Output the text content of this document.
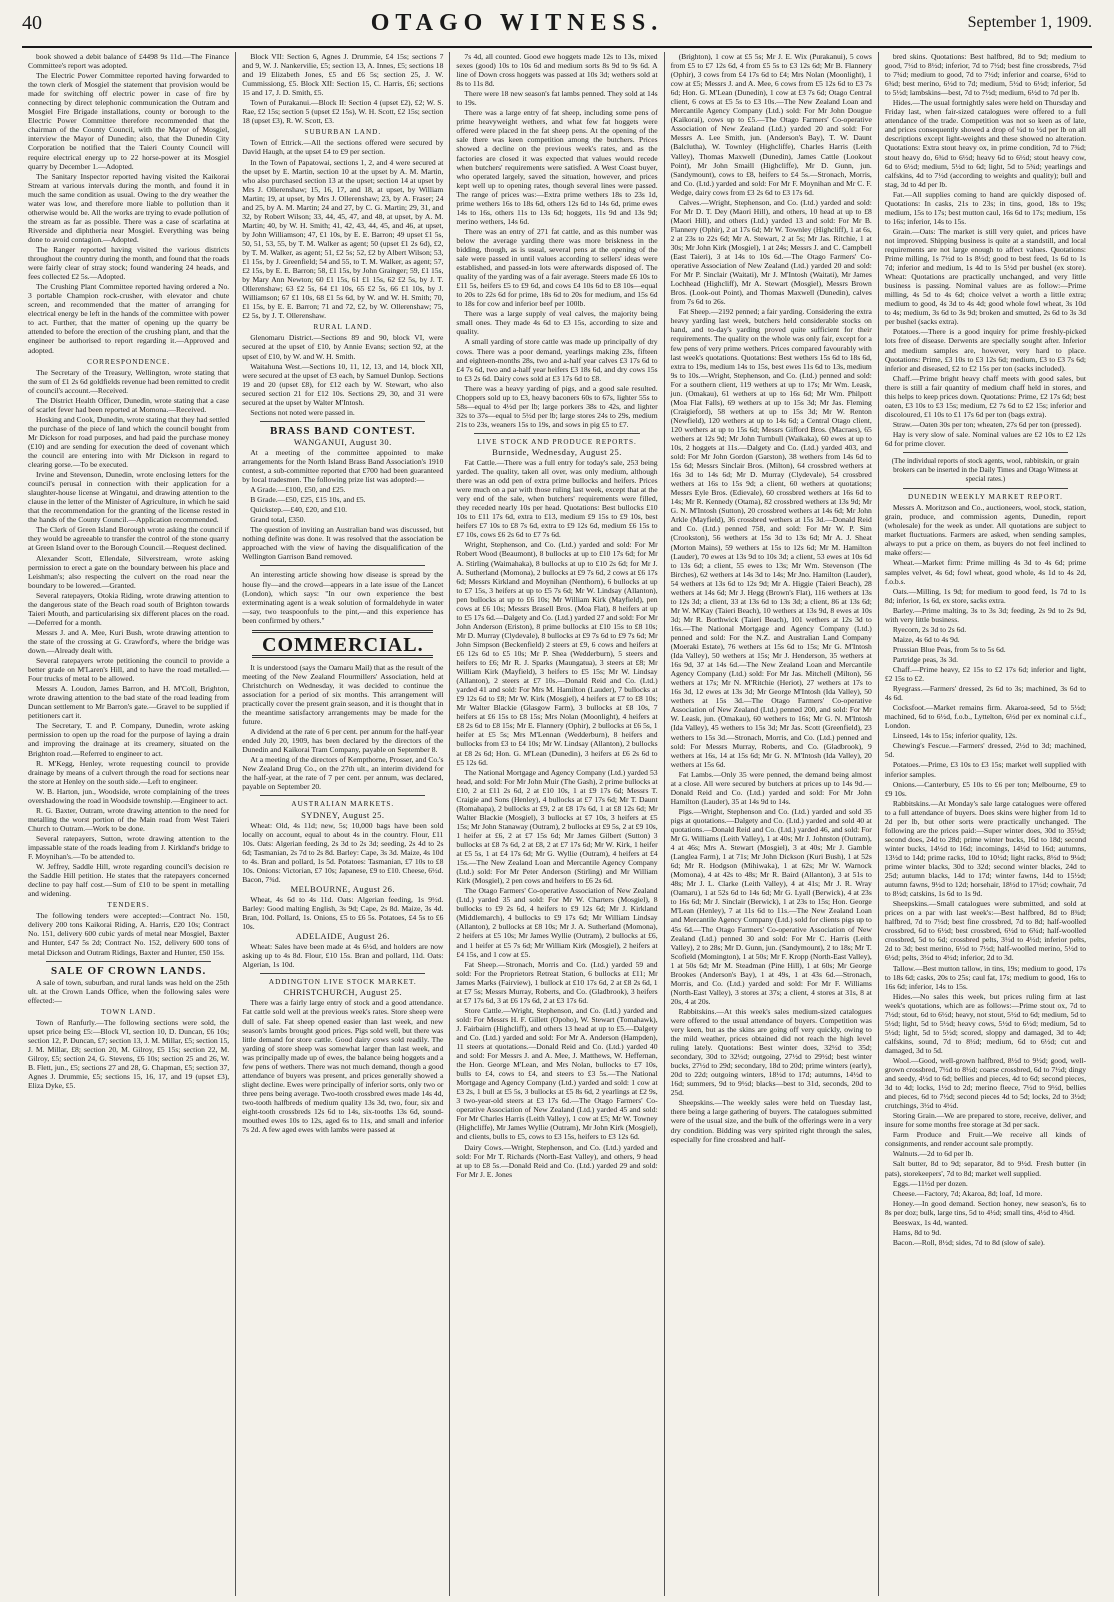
40	OTAGO WITNESS.	September 1, 1909.

book showed a debit balance of £4498 9s 11d.—The Finance Committee's report was adopted.

The Electric Power Committee reported having forwarded to the town clerk of Mosgiel the statement that provision would be made for switching off electric power in case of fire by connecting by direct telephonic communication the Outram and Mosgiel Fire Brigade installations, county or borough to the Electric Power Committee therefore recommended that the chairman of the County Council, with the Mayor of Mosgiel, interview the Mayor of Dunedin; also, that the Dunedin City Corporation be notified that the Taieri County Council will require electrical energy up to 22 horse-power at its Mosgiel quarry by December 1.—Adopted.

The Sanitary Inspector reported having visited the Kaikorai Stream at various intervals during the month, and found it in much the same condition as usual. Owing to the dry weather the water was low, and therefore more liable to pollution than it otherwise would be. All the works are trying to evade pollution of the stream as far as possible. There was a case of scarlatina at Riverside and diphtheria near Mosgiel. Everything was being done to avoid contagion.—Adopted.

The Ranger reported having visited the various districts throughout the country during the month, and found that the roads were fairly clear of stray stock; found wandering 24 heads, and fees collected £2 5s.—Adopted.

The Crushing Plant Committee reported having ordered a No. 3 portable Champion rock-crusher, with elevator and chute screen, and recommended that the matter of arranging for electrical energy be left in the hands of the committee with power to act. Further, that the matter of opening up the quarry be attended to before the erection of the crushing plant, and that the engineer be authorised to report regarding it.—Approved and adopted.

CORRESPONDENCE.

The Secretary of the Treasury, Wellington, wrote stating that the sum of £1 2s 6d goldfields revenue had been remitted to credit of council's account.—Received.

The District Health Officer, Dunedin, wrote stating that a case of scarlet fever had been reported at Momona.—Received.

Hosking and Cook, Dunedin, wrote stating that they had settled the purchase of the piece of land which the council bought from Mr Dickson for road purposes, and had paid the purchase money (£10) and are sending for execution the deed of covenant which the council are entering into with Mr Dickson in regard to clearing gorse.—To be executed.

Irvine and Stevenson, Dunedin, wrote enclosing letters for the council's perusal in connection with their application for a slaughter-house license at Wingatui, and drawing attention to the clause in the letter of the Minister of Agriculture, in which he said that the recommendation for the granting of the license rested in the hands of the County Council.—Application recommended.

The Clerk of Green Island Borough wrote asking the council if they would be agreeable to transfer the control of the stone quarry at Green Island over to the Borough Council.—Request declined.

Alexander Scott, Ellendale, Silverstream, wrote asking permission to erect a gate on the boundary between his place and Leishman's; also respecting the culvert on the road near the boundary to be lowered.—Granted.

Several ratepayers, Otokia Riding, wrote drawing attention to the dangerous state of the Beach road south of Brighton towards Taieri Mouth, and particularising six different places on the road.—Deferred for a month.

Messrs J. and A. Mee, Kuri Bush, wrote drawing attention to the state of the crossing at G. Crawford's, where the bridge was down.—Already dealt with.

Several ratepayers wrote petitioning the council to provide a better grade on M'Laren's Hill, and to have the road metalled.—Four trucks of metal to be allowed.

Messrs A. Loudon, James Barron, and H. M'Coll, Brighton, wrote drawing attention to the bad state of the road leading from Duncan settlement to Mr Barron's gate.—Gravel to be supplied if petitioners cart it.

The Secretary, T. and P. Company, Dunedin, wrote asking permission to open up the road for the purpose of laying a drain and improving the drainage at its creamery, situated on the Brighton road.—Referred to engineer to act.

R. M'Kegg, Henley, wrote requesting council to provide drainage by means of a culvert through the road for sections near the store at Henley on the south side.—Left to engineer.

W. B. Harton, jun., Woodside, wrote complaining of the trees overshadowing the road in Woodside township.—Engineer to act.

R. G. Baxter, Outram, wrote drawing attention to the need for metalling the worst portion of the Main road from West Taieri Church to Outram.—Work to be done.

Several ratepayers, Sutton, wrote drawing attention to the impassable state of the roads leading from J. Kirkland's bridge to F. Moynihan's.—To be attended to.

W. Jeffrey, Saddle Hill, wrote regarding council's decision re the Saddle Hill petition. He states that the ratepayers concerned decline to pay half cost.—Sum of £10 to be spent in metalling and widening.

TENDERS.

The following tenders were accepted:—Contract No. 150, delivery 200 tons Kaikorai Riding, A. Harris, £20 10s; Contract No. 151, delivery 600 cubic yards of metal near Mosgiel, Baxter and Hunter, £47 5s 2d; Contract No. 152, delivery 600 tons of metal Dickson and Outram Ridings, Baxter and Hunter, £50 15s.

SALE OF CROWN LANDS.

A sale of town, suburban, and rural lands was held on the 25th ult. at the Crown Lands Office, when the following sales were effected:—

TOWN LAND.

Town of Ranfurly.—The following sections were sold, the upset price being £5:—Block VI, section 10, D. Duncan, £6 10s; section 12, P. Duncan, £7; section 13, J. M. Millar, £5; section 15, J. M. Millar, £8; section 20, M. Gilroy, £5 15s; section 22, M. Gilroy, £5; section 24, G. Stevens, £6 10s; section 25 and 26, W. B. Flett, jun., £5; sections 27 and 28, G. Chapman, £5; section 37, Agnes J. Drummie, £5; sections 15, 16, 17, and 19 (upset £3), Eliza Dyke, £5.

Block VII: Section 6, Agnes J. Drummie, £4 15s; sections 7 and 9, W. J. Nankervilie, £5; section 13, A. Innes, £5; sections 18 and 19 Elizabeth Jones, £5 and £6 5s; section 25, J. W. Cummissiong, £5. Block XII: Section 15, C. Harris, £6; sections 15 and 17, J. D. Smith, £5.

Town of Purakanui.—Block II: Section 4 (upset £2), £2; W. S. Rae, £2 15s; section 5 (upset £2 15s), W. H. Scott, £2 15s; section 18 (upset £3), R. W. Scott, £3.

SUBURBAN LAND.

Town of Ettrick.—All the sections offered were secured by David Haugh, at the upset £4 to £9 per section.

In the Town of Papatowai, sections 1, 2, and 4 were secured at the upset by E. Martin, section 10 at the upset by A. M. Martin, who also purchased section 13 at the upset; section 14 at upset by Mrs J. Ollerenshaw; 15, 16, 17, and 18, at upset, by William Martin; 19, at upset, by Mrs J. Ollerenshaw; 23, by A. Fraser; 24 and 25, by A. M. Martin; 24 and 27, by C. G. Martin; 29, 31, and 32, by Robert Wilson; 33, 44, 45, 47, and 48, at upset, by A. M. Martin; 40, by W. H. Smith; 41, 42, 43, 44, 45, and 46, at upset, by John Williamson; 47, £1 10s, by E. E. Barron; 49 upset £1 5s, 50, 51, 53, 55, by T. M. Walker as agent; 50 (upset £1 2s 6d), £2, by T. M. Walker, as agent; 51, £2 5s; 52, £2 by Albert Wilson; 53, £1 15s, by J. Greenfield; 54 and 55, to T. M. Walker, as agent; 57, £2 15s, by E. E. Barron; 58, £1 15s, by John Grainger; 59, £1 15s, by Mary Ann Newton; 60 £1 15s, 61 £1 15s, 62 £2 5s, by J. T. Ollerenshaw; 63 £2 5s, 64 £1 10s, 65 £2 5s, 66 £1 10s, by J. Williamson; 67 £1 10s, 68 £1 5s 6d, by W. and W. H. Smith; 70, £1 15s, by E. E. Barron; 71 and 72, £2, by W. Ollerenshaw; 75, £2 5s, by J. T. Ollerenshaw.

RURAL LAND.

Glenomaru District.—Sections 89 and 90, block VI, were secured at the upset of £10, by Annie Evans; section 92, at the upset of £10, by W. and W. H. Smith.

Waitahuna West.—Sections 10, 11, 12, 13, and 14, block XII, were secured at the upset of £3 each, by Samuel Dunlop. Sections 19 and 20 (upset £8), for £12 each by W. Stewart, who also secured section 21 for £12 10s. Sections 29, 30, and 31 were secured at the upset by Walter M'Intosh.

Sections not noted were passed in.

BRASS BAND CONTEST.

WANGANUI, August 30.

At a meeting of the committee appointed to make arrangements for the North Island Brass Band Association's 1910 contest, a sub-committee reported that £700 had been guaranteed by local tradesmen. The following prize list was adopted:—

A Grade.—£100, £50, and £25.

B Grade.—£50, £25, £15 10s, and £5.

Quickstep.—£40, £20, and £10.

Grand total, £350.

The question of inviting an Australian band was discussed, but nothing definite was done. It was resolved that the association be approached with the view of having the disqualification of the Wellington Garrison Band removed.

An interesting article showing how disease is spread by the house fly—and the crowd—appears in a late issue of the Lancet (London), which says: "In our own experience the best exterminating agent is a weak solution of formaldehyde in water—say, two teaspoonfuls to the pint,—and this experience has been confirmed by others."

COMMERCIAL.

It is understood (says the Oamaru Mail) that as the result of the meeting of the New Zealand Flourmillers' Association, held at Christchurch on Wednesday, it was decided to continue the association for a period of six months. This arrangement will practically cover the present grain season, and it is thought that in the meantime satisfactory arrangements may be made for the future.

A dividend at the rate of 6 per cent. per annum for the half-year ended July 20, 1909, has been declared by the directors of the Dunedin and Kaikorai Tram Company, payable on September 8.

At a meeting of the directors of Kempthorne, Prosser, and Co.'s New Zealand Drug Co., on the 27th ult., an interim dividend for the half-year, at the rate of 7 per cent. per annum, was declared, payable on September 20.

AUSTRALIAN MARKETS.

SYDNEY, August 25.

Wheat: Old, 4s 11d; new, 5s; 10,000 bags have been sold locally on account, equal to about 4s in the country. Flour, £11 10s. Oats: Algerian feeding, 2s 3d to 2s 3d; seeding, 2s 4d to 2s 6d; Tasmanian, 2s 7d to 2s 8d. Barley: Cape, 3s 3d. Maize, 4s 10d to 4s. Bran and pollard, 1s 5d. Potatoes: Tasmanian, £7 10s to £8 10s. Onions: Victorian, £7 10s; Japanese, £9 to £10. Cheese, 6½d. Bacon, 7¾d.

MELBOURNE, August 26.

Wheat, 4s 6d to 4s 11d. Oats: Algerian feeding, 1s 9½d. Barley: Good malting English, 3s 9d; Cape, 2s 8d. Maize, 3s 4d. Bran, 10d. Pollard, 1s. Onions, £5 to £6 5s. Potatoes, £4 5s to £6 10s.

ADELAIDE, August 26.

Wheat: Sales have been made at 4s 6½d, and holders are now asking up to 4s 8d. Flour, £10 15s. Bran and pollard, 11d. Oats: Algerian, 1s 10d.

ADDINGTON LIVE STOCK MARKET.

CHRISTCHURCH, August 25.

There was a fairly large entry of stock and a good attendance. Fat cattle sold well at the previous week's rates. Store sheep were dull of sale. Fat sheep opened easier than last week, and new season's lambs brought good prices. Pigs sold well, but there was little demand for store cattle. Good dairy cows sold readily. The yarding of store sheep was somewhat larger than last week, and was principally made up of ewes, the balance being hoggets and a few pens of wethers. There was not much demand, though a good attendance of buyers was present, and prices generally showed a slight decline. Ewes were principally of inferior sorts, only two or three pens being average. Two-tooth crossbred ewes made 14s 4d, two-tooth halfbreds of medium quality 13s 3d, two, four, six and eight-tooth crossbreds 12s 6d to 14s, six-tooths 13s 6d, sound-mouthed ewes 10s to 12s, aged 6s to 11s, and small and inferior 7s 2d. A few aged ewes with lambs were passed at

7s 4d, all counted. Good ewe hoggets made 12s to 13s, mixed sexes (good) 10s to 10s 6d and medium sorts 8s 9d to 9s 6d. A line of Down cross hoggets was passed at 10s 3d; wethers sold at 8s to 11s 8d.

There were 18 new season's fat lambs penned. They sold at 14s to 19s.

There was a large entry of fat sheep, including some pens of prime heavyweight wethers, and what few fat hoggets were offered were placed in the fat sheep pens. At the opening of the sale there was keen competition among the butchers. Prices showed a decline on the previous week's rates, and as the factories are closed it was expected that values would recede when butchers' requirements were satisfied. A West Coast buyer, who operated largely, saved the situation, however, and prices kept well up to opening rates, though several lines were passed. The range of prices was:—Extra prime wethers 18s to 23s 1d, prime wethers 16s to 18s 6d, others 12s 6d to 14s 6d, prime ewes 14s to 16s, others 11s to 13s 6d; hoggets, 11s 9d and 13s 9d; merino wethers, 14s 6d.

There was an entry of 271 fat cattle, and as this number was below the average yarding there was more briskness in the bidding, though, as is usual, several pens at the opening of the sale were passed in until values according to sellers' ideas were established, and passed-in lots were afterwards disposed of. The quality of the yarding was of a fair average. Steers made £6 10s to £11 5s, heifers £5 to £9 6d, and cows £4 10s 6d to £8 10s—equal to 20s to 22s 6d for prime, 18s 6d to 20s for medium, and 15s 6d to 18s for cow and inferior beef per 100lb.

There was a large supply of veal calves, the majority being small ones. They made 4s 6d to £3 15s, according to size and quality.

A small yarding of store cattle was made up principally of dry cows. There was a poor demand, yearlings making 23s, fifteen and eighteen-months 28s, two and a-half year calves £3 17s 6d to £4 7s 6d, two and a-half year heifers £3 18s 6d, and dry cows 15s to £3 2s 6d. Dairy cows sold at £3 17s 6d to £8.

There was a heavy yarding of pigs, and a good sale resulted. Choppers sold up to £3, heavy baconers 60s to 67s, lighter 55s to 58s—equal to 4½d per lb; large porkers 38s to 42s, and lighter 32s to 37s—equal to 5½d per lb; large stores 24s to 29s, medium 21s to 23s, weaners 15s to 19s, and sows in pig £5 to £7.

LIVE STOCK AND PRODUCE REPORTS.

Burnside, Wednesday, August 25.

Fat Cattle.—There was a full entry for today's sale, 253 being yarded. The quality, taken all over, was only medium, although there was an odd pen of extra prime bullocks and heifers. Prices were much on a par with those ruling last week, except that at the very end of the sale, when butchers' requirements were filled, they receded nearly 10s per head. Quotations: Best bullocks £10 10s to £11 17s 6d, extra to £13, medium £9 15s to £9 10s, best heifers £7 10s to £8 7s 6d, extra to £9 12s 6d, medium £6 15s to £7 10s, cows £6 2s 6d to £7 7s 6d.

Wright, Stephenson, and Co. (Ltd.) yarded and sold: For Mr Robert Wood (Beaumont), 8 bullocks at up to £10 17s 6d; for Mr A. Stirling (Waimahaka), 8 bullocks at up to £10 2s 6d; for Mr J. A. Sutherland (Momona), 2 bullocks at £9 7s 6d, 2 cows at £6 17s 6d; Messrs Kirkland and Moynihan (Nenthorn), 6 bullocks at up to £7 15s, 3 heifers at up to £5 7s 6d; Mr W. Lindsay (Allanton), pen bullocks at up to £6 10s; Mr William Kirk (Mayfield), pen cows at £6 10s; Messrs Brasell Bros. (Moa Flat), 8 heifers at up to £5 17s 6d.—Dalgety and Co. (Ltd.) yarded 27 and sold: For Mr John Anderson (Eriston), 8 prime bullocks at £10 15s to £8 10s; Mr D. Murray (Clydevale), 8 bullocks at £9 7s 6d to £9 7s 6d; Mr John Simpson (Beckenfield) 2 steers at £9, 6 cows and heifers at £6 12s 6d to £5 10s; Mr P. Shea (Wedderburn), 5 steers and heifers to £6; Mr R. J. Sparks (Maungatua), 3 steers at £8; Mr William Kirk (Mayfield), 3 heifers to £5 15s; Mr W. Lindsay (Allanton), 2 steers at £7 10s.—Donald Reid and Co. (Ltd.) yarded 41 and sold: For Mrs M. Hamilton (Lauder), 7 bullocks at £9 12s 6d to £8; Mr W. Kirk (Mosgiel), 4 heifers at £7 to £8 10s; Mr Walter Blackie (Glasgow Farm), 3 bullocks at £8 10s, 7 heifers at £6 15s to £8 15s; Mrs Nolan (Moonlight), 4 heifers at £8 2s 6d to £8 15s; Mr E. Flannery (Ophir), 2 bullocks at £6 5s, 1 heifer at £5 5s; Mrs M'Lennan (Wedderburn), 8 heifers and bullocks from £3 to £4 10s; Mr W. Lindsay (Allanton), 2 bullocks at £8 2s 6d; Hon. G. M'Lean (Dunedin), 3 heifers at £6 2s 6d to £5 12s 6d.

The National Mortgage and Agency Company (Ltd.) yarded 53 head, and sold: For Mr John Muir (The Gash), 2 prime bullocks at £10, 2 at £11 2s 6d, 2 at £10 10s, 1 at £9 17s 6d; Messrs T. Craigie and Sons (Henley), 4 bullocks at £7 17s 6d; Mr T. Daunt (Romahapa), 2 bullocks at £9, 2 at £8 17s 6d, 1 at £8 12s 6d; Mr Walter Blackie (Mosgiel), 3 bullocks at £7 10s, 3 heifers at £5 15s; Mr John Stanaway (Outram), 2 bullocks at £9 5s, 2 at £9 10s, 1 heifer at £6, 2 at £7 15s 6d; Mr James Gilbert (Sutton) 3 bullocks at £8 7s 6d, 2 at £8, 2 at £7 17s 6d; Mr W. Kirk, 1 heifer at £5 5s, 1 at £4 17s 6d; Mr G. Wyllie (Outram), 4 heifers at £4 15s.—The New Zealand Loan and Mercantile Agency Company (Ltd.) sold: For Mr Peter Anderson (Stirling) and Mr William Kirk (Mosgiel), 2 pen cows and heifers to £6 2s 6d.

The Otago Farmers' Co-operative Association of New Zealand (Ltd.) yarded 35 and sold: For Mr W. Charters (Mosgiel), 8 bullocks to £9 2s 6d, 4 heifers to £9 12s 6d; Mr J. Kirkland (Middlemarch), 4 bullocks to £9 17s 6d; Mr William Lindsay (Allanton), 2 bullocks at £8 10s; Mr J. A. Sutherland (Momona), 2 heifers at £5 10s; Mr James Wyllie (Outram), 2 bullocks at £6, and 1 heifer at £5 7s 6d; Mr William Kirk (Mosgiel), 2 heifers at £4 15s, and 1 cow at £5.

Fat Sheep.—Stronach, Morris and Co. (Ltd.) yarded 59 and sold: For the Proprietors Retreat Station, 6 bullocks at £11; Mr James Marks (Fairview), 1 bullock at £10 17s 6d, 2 at £8 2s 6d, 1 at £7 5s; Messrs Murray, Roberts, and Co. (Gladbrook), 3 heifers at £7 17s 6d, 3 at £6 17s 6d, 2 at £3 17s 6d.

Store Cattle.—Wright, Stephenson, and Co. (Ltd.) yarded and sold: For Messrs H. F. Gillett (Opoho), W. Stewart (Tomahawk), J. Fairbairn (Highcliff), and others 13 head at up to £5.—Dalgety and Co. (Ltd.) yarded and sold: For Mr A. Anderson (Hampden), 11 steers at quotations.—Donald Reid and Co. (Ltd.) yarded 40 and sold: For Messrs J. and A. Mee, J. Matthews, W. Heffernan, the Hon. George M'Lean, and Mrs Nolan, bullocks to £7 10s, bulls to £4, cows to £4, and steers to £3 5s.—The National Mortgage and Agency Company (Ltd.) yarded and sold: 1 cow at £3 2s, 1 bull at £5 5s, 3 bullocks at £5 8s 6d, 2 yearlings at £2 9s, 3 two-year-old steers at £3 17s 6d.—The Otago Farmers' Co-operative Association of New Zealand (Ltd.) yarded 45 and sold: For Mr Charles Harris (Leith Valley), 1 cow at £5; Mr W. Towney (Highcliffe), Mr James Wyllie (Outram), Mr John Kirk (Mosgiel), and clients, bulls to £5, cows to £3 15s, heifers to £3 12s 6d.

Dairy Cows.—Wright, Stephenson, and Co. (Ltd.) yarded and sold: For Mr T. Richards (North-East Valley), and others, 9 head at up to £8 5s.—Donald Reid and Co. (Ltd.) yarded 29 and sold: For Mr J. E. Jones

(Brighton), 1 cow at £5 5s; Mr J. E. Wix (Purakanui), 5 cows from £5 to £7 12s 6d, 4 from £5 5s to £3 12s 6d; Mr B. Flannery (Ophir), 3 cows from £4 17s 6d to £4; Mrs Nolan (Moonlight), 1 cow at £5; Messrs J. and A. Mee, 6 cows from £5 12s 6d to £3 7s 6d; Hon. G. M'Lean (Dunedin), 1 cow at £3 7s 6d; Otago Central client, 6 cows at £5 5s to £3 10s.—The New Zealand Loan and Mercantile Agency Company (Ltd.) sold: For Mr John Dougue (Kaikorai), cows up to £5.—The Otago Farmers' Co-operative Association of New Zealand (Ltd.) yarded 20 and sold: For Messrs A. Lee Smith, jun. (Anderson's Bay), T. W. Daunt (Balclutha), W. Townley (Highcliffe), Charles Harris (Leith Valley), Thomas Maxwell (Dunedin), James Cattle (Lookout Point), Mr John Smaill (Highcliffe), Mr D. Gunn, jun. (Sandymount), cows to £8, heifers to £4 5s.—Stronach, Morris, and Co. (Ltd.) yarded and sold: For Mr F. Moynihan and Mr C. F. Wedge, dairy cows from £3 2s 6d to £3 17s 6d.

Calves.—Wright, Stephenson, and Co. (Ltd.) yarded and sold: For Mr D. T. Dey (Maori Hill), and others, 10 head at up to £8 (Maori Hill), and others (Ltd.) yarded 13 and sold: For Mr B. Flannery (Ophir), 2 at 17s 6d; Mr W. Townley (Highcliff), 1 at 6s, 2 at 23s to 22s 6d; Mr A. Stewart, 2 at 5s; Mr Jas. Ritchie, 1 at 30s; Mr John Kirk (Mosgiel), 1 at 24s; Messrs J. and C. Campbell (East Taieri), 3 at 14s to 10s 6d.—The Otago Farmers' Co-operative Association of New Zealand (Ltd.) yarded 20 and sold: For Mr P. Sinclair (Waitati), Mr J. M'Intosh (Waitati), Mr James Lochhead (Highcliff), Mr A. Stewart (Mosgiel), Messrs Brown Bros. (Look-out Point), and Thomas Maxwell (Dunedin), calves from 7s 6d to 26s.

Fat Sheep.—2192 penned; a fair yarding. Considering the extra heavy yarding last week, butchers held considerable stocks on hand, and to-day's yarding proved quite sufficient for their requirements. The quality on the whole was only fair, except for a few pens of very prime wethers. Prices compared favourably with last week's quotations. Quotations: Best wethers 15s 6d to 18s 6d, extra to 19s, medium 14s to 15s, best ewes 11s 6d to 13s, medium 9s to 10s.—Wright, Stephenson, and Co. (Ltd.) penned and sold: For a southern client, 119 wethers at up to 17s; Mr Wm. Leask, jun. (Omakau), 61 wethers at up to 16s 6d; Mr Wm. Philpott (Moa Flat Falls), 69 wethers at up to 15s 3d; Mr Jas. Fleming (Craigieford), 58 wethers at up to 15s 3d; Mr W. Renton (Newfield), 120 wethers at up to 14s 6d; a Central Otago client, 120 wethers at up to 15s 6d; Messrs Gifford Bros. (Macraes), 65 wethers at 12s 9d; Mr John Turnbull (Waikaka), 60 ewes at up to 10s, 2 hoggets at 11s.—Dalgety and Co. (Ltd.) yarded 403, and sold: For Mr John Gordon (Garston), 38 wethers from 14s 6d to 15s 6d; Messrs Sinclair Bros. (Milton), 64 crossbred wethers at 16s 3d to 14s 6d; Mr D. Murray (Clydevale), 54 crossbred wethers at 16s to 15s 9d; a client, 60 wethers at quotations; Messrs Eyle Bros. (Edievale), 60 crossbred wethers at 16s 6d to 14s; Mr R. Kennedy (Otama), 82 crossbred wethers at 13s 9d; Mr G. N. M'Intosh (Sutton), 20 crossbred wethers at 14s 6d; Mr John Arkle (Mayfield), 36 crossbred wethers at 15s 3d.—Donald Reid and Co. (Ltd.) penned 758, and sold: For Mr W. P. Sim (Crookston), 56 wethers at 15s 3d to 13s 6d; Mr A. J. Sheat (Morton Mains), 59 wethers at 15s to 12s 6d; Mr M. Hamilton (Lauder), 70 ewes at 13s 9d to 10s 3d; a client, 53 ewes at 10s 6d to 13s 6d; a client, 55 ewes to 13s; Mr Wm. Stevenson (The Birches), 62 wethers at 14s 3d to 14s; Mr Jno. Hamilton (Lauder), 54 wethers at 13s 6d to 12s 9d; Mr A. Higgie (Taieri Beach), 28 wethers at 14s 6d; Mr J. Hegg (Brown's Flat), 116 wethers at 13s to 12s 3d; a client, 33 at 13s 6d to 13s 3d; a client, 86 at 13s 6d; Mr W. M'Kay (Taieri Beach), 10 wethers at 13s 9d, 8 ewes at 10s 3d; Mr R. Borthwick (Taieri Beach), 101 wethers at 12s 3d to 16s.—The National Mortgage and Agency Company (Ltd.) penned and sold: For the N.Z. and Australian Land Company (Moeraki Estate), 76 wethers at 15s 6d to 15s; Mr G. M'Intosh (Ida Valley), 50 wethers at 15s; Mr J. Henderson, 35 wethers at 16s 9d, 37 at 14s 6d.—The New Zealand Loan and Mercantile Agency Company (Ltd.) sold: For Mr Jas. Mitchell (Milton), 56 wethers at 17s; Mr N. M'Ritchie (Heriot), 27 wethers at 17s to 16s 3d, 12 ewes at 13s 3d; Mr George M'Intosh (Ida Valley), 50 wethers at 15s 3d.—The Otago Farmers' Co-operative Association of New Zealand (Ltd.) penned 200, and sold: For Mr W. Leask, jun. (Omakau), 60 wethers to 16s; Mr G. N. M'Intosh (Ida Valley), 45 wethers to 15s 3d; Mr Jas. Scott (Greenfield), 23 wethers to 15s 3d.—Stronach, Morris, and Co. (Ltd.) penned and sold: For Messrs Murray, Roberts, and Co. (Gladbrook), 9 wethers at 16s, 14 at 15s 6d; Mr G. N. M'Intosh (Ida Valley), 20 wethers at 15s 6d.

Fat Lambs.—Only 35 were penned, the demand being almost at a close. All were secured by butchers at prices up to 14s 9d.—Donald Reid and Co. (Ltd.) yarded and sold: For Mr John Hamilton (Lauder), 35 at 14s 9d to 14s.

Pigs.—Wright, Stephenson and Co. (Ltd.) yarded and sold 35 pigs at quotations.—Dalgety and Co. (Ltd.) yarded and sold 40 at quotations.—Donald Reid and Co. (Ltd.) yarded 46, and sold: For Mr G. Williams (Leith Valley), 1 at 40s; Mr J. Johnston (Outram), 4 at 46s; Mrs A. Stewart (Mosgiel), 3 at 40s; Mr J. Gamble (Langlea Farm), 1 at 71s; Mr John Dickson (Kuri Bush), 1 at 52s 6d; Mr R. Hodgson (Mihiwaka), 1 at 62s; Mr W. Warnock (Momona), 4 at 42s to 48s; Mr R. Baird (Allanton), 3 at 51s to 48s; Mr J. L. Clarke (Leith Valley), 4 at 41s; Mr J. R. Wray (Oamaru), 1 at 52s 6d to 14s 6d; Mr G. Lyall (Berwick), 4 at 23s to 16s 6d; Mr J. Sinclair (Berwick), 1 at 23s to 15s; Hon. George M'Lean (Henley), 7 at 11s 6d to 11s.—The New Zealand Loan and Mercantile Agency Company (Ltd.) sold for clients pigs up to 45s 6d.—The Otago Farmers' Co-operative Association of New Zealand (Ltd.) penned 30 and sold: For Mr C. Harris (Leith Valley), 2 to 28s; Mr D. Gunn, jun. (Sandymount), 2 to 18s; Mr T. Scofield (Momington), 1 at 50s; Mr F. Kropp (North-East Valley), 1 at 50s 6d; Mr M. Steadman (Pine Hill), 1 at 60s; Mr George Brookes (Anderson's Bay), 1 at 49s, 1 at 43s 6d.—Stronach, Morris, and Co. (Ltd.) yarded and sold: For Mr F. Williams (North-East Valley), 3 stores at 37s; a client, 4 stores at 31s, 8 at 20s, 4 at 20s.

Rabbitskins.—At this week's sales medium-sized catalogues were offered to the usual attendance of buyers. Competition was very keen, but as the skins are going off very quickly, owing to the mild weather, prices obtained did not reach the high level ruling lately. Quotations: Best winter does, 32½d to 35d; secondary, 30d to 32½d; outgoing, 27½d to 29½d; best winter bucks, 27½d to 29d; secondary, 18d to 20d; prime winters (early), 20d to 22d; outgoing winters, 18½d to 17d; autumns, 14½d to 16d; summers, 9d to 9½d; blacks—best to 31d, seconds, 20d to 25d.

Sheepskins.—The weekly sales were held on Tuesday last, there being a large gathering of buyers. The catalogues submitted were of the usual size, and the bulk of the offerings were in a very dry condition. Bidding was very spirited right through the sales, especially for fine crossbred and half-

bred skins. Quotations: Best halfbred, 8d to 9d; medium to good, 7½d to 8½d; inferior, 7d to 7½d; best fine crossbreds, 7½d to 7¾d; medium to good, 7d to 7½d; inferior and coarse, 6½d to 6¾d; best merino, 6½d to 7d; medium, 5½d to 6½d; inferior, 5d to 5½d; lambskins—best, 7d to 7½d; medium, 6½d to 7d per lb.

Hides.—The usual fortnightly sales were held on Thursday and Friday last, when fair-sized catalogues were offered to a full attendance of the trade. Competition was not so keen as of late, and prices consequently showed a drop of ¼d to ½d per lb on all descriptions except light-weights and these showed no alteration. Quotations: Extra stout heavy ox, in prime condition, 7d to 7¾d; stout heavy do, 6¾d to 6½d; heavy 6d to 6½d; stout heavy cow, 6d to 6½d; medium, 5½d to 6d; light, 5d to 5¾d; yearlings and calfskins, 4d to 7½d (according to weights and quality); bull and stag, 3d to 4d per lb.

Fat.—All supplies coming to hand are quickly disposed of. Quotations: In casks, 21s to 23s; in tins, good, 18s to 19s; medium, 15s to 17s; best mutton caul, 16s 6d to 17s; medium, 15s to 16s; inferior, 14s to 15s.

Grain.—Oats: The market is still very quiet, and prices have not improved. Shipping business is quite at a standstill, and local requirements are not large enough to affect values. Quotations: Prime milling, 1s 7½d to 1s 8½d; good to best feed, 1s 6d to 1s 7d; inferior and medium, 1s 4d to 1s 5½d per bushel (ex store). Wheat: Quotations are practically unchanged, and very little business is passing. Nominal values are as follow:—Prime milling, 4s 5d to 4s 6d; choice velvet a worth a little extra; medium to good, 4s 3d to 4s 4d; good whole fowl wheat, 3s 10d to 4s; medium, 3s 6d to 3s 9d; broken and smutted, 2s 6d to 3s 3d per bushel (sacks extra).

Potatoes.—There is a good inquiry for prime freshly-picked lots free of disease. Derwents are specially sought after. Inferior and medium samples are, however, very hard to place. Quotations: Prime, £3 10s to £3 12s 6d; medium, £3 to £3 7s 6d; inferior and diseased, £2 to £2 15s per ton (sacks included).

Chaff.—Prime bright heavy chaff meets with good sales, but there is still a fair quantity of medium chaff held in stores, and this helps to keep prices down. Quotations: Prime, £2 17s 6d; best oaten, £3 10s to £3 15s; medium, £2 7s 6d to £2 15s; inferior and discoloured, £1 10s to £1 17s 6d per ton (bags extra).

Straw.—Oaten 30s per ton; wheaten, 27s 6d per ton (pressed).

Hay is very slow of sale. Nominal values are £2 10s to £2 12s 6d for prime clover.

(The individual reports of stock agents, wool, rabbitskin, or grain brokers can be inserted in the Daily Times and Otago Witness at special rates.)

DUNEDIN WEEKLY MARKET REPORT.

Messrs A. Moritzson and Co., auctioneers, wool, stock, station, grain, produce, and commission agents, Dunedin, report (wholesale) for the week as under. All quotations are subject to market fluctuations. Farmers are asked, when sending samples, always to put a price on them, as buyers do not feel inclined to make offers:—

Wheat.—Market firm: Prime milling 4s 3d to 4s 6d; prime samples velvet, 4s 6d; fowl wheat, good whole, 4s 1d to 4s 2d, f.o.b.s.

Oats.—Milling, 1s 9d; for medium to good feed, 1s 7d to 1s 8d; inferior, 1s 6d, ex store, sacks extra.

Barley.—Prime malting, 3s to 3s 3d; feeding, 2s 9d to 2s 9d, with very little business.

Ryecorn, 2s 3d to 2s 6d.

Maize, 4s 6d to 4s 9d.

Prussian Blue Peas, from 5s to 5s 6d.

Partridge peas, 3s 3d.

Chaff.—Prime heavy, £2 15s to £2 17s 6d; inferior and light, £2 15s to £2.

Ryegrass.—Farmers' dressed, 2s 6d to 3s; machined, 3s 6d to 4s 6d.

Cocksfoot.—Market remains firm. Akaroa-seed, 5d to 5½d; machined, 6d to 6½d, f.o.b., Lyttelton, 6½d per ex nominal c.i.f., London.

Linseed, 14s to 15s; inferior quality, 12s.

Chewing's Fescue.—Farmers' dressed, 2½d to 3d; machined, 5d.

Potatoes.—Prime, £3 10s to £3 15s; market well supplied with inferior samples.

Onions.—Canterbury, £5 10s to £6 per ton; Melbourne, £9 to £9 10s.

Rabbitskins.—At Monday's sale large catalogues were offered to a full attendance of buyers. Does skins were higher from 1d to 2d per lb, but other sorts were practically unchanged. The following are the prices paid:—Super winter does, 30d to 35½d; second does, 24d to 28d; prime winter bucks, 16d to 18d; second winter bucks, 14½d to 16d; incomings, 14½d to 16d; autumns, 13½d to 14d; prime racks, 10d to 10½d; light racks, 8½d to 9¼d; prime winter blacks, 30d to 32d; second winter blacks, 24d to 25d; autumn blacks, 14d to 17d; winter fawns, 14d to 15½d; autumn fawns, 9½d to 12d; horsehair, 18½d to 17½d; cowhair, 7d to 8½d; catskins, 1s 6d to 1s 9d.

Sheepskins.—Small catalogues were submitted, and sold at prices on a par with last week's:—Best halfbred, 8d to 8¾d; halfbred, 7d to 7½d; best fine crossbred, 7d to 8d; half-woolled crossbred, 6d to 6½d; best crossbred, 6½d to 6¾d; half-woolled crossbred, 5d to 6d; crossbred pelts, 3½d to 4½d; inferior pelts, 2d to 3d; best merino, 6½d to 7½d; half-woolled merino, 5½d to 6½d; pelts, 3½d to 4½d; inferior, 2d to 3d.

Tallow.—Best mutton tallow, in tins, 19s; medium to good, 17s to 18s 6d; casks, 20s to 25s; caul fat, 17s; medium to good, 16s to 16s 6d; inferior, 14s to 15s.

Hides.—No sales this week, but prices ruling firm at last week's quotations, which are as follows:—Prime stout ox, 7d to 7½d; stout, 6d to 6½d; heavy, not stout, 5½d to 6d; medium, 5d to 5½d; light, 5d to 5½d; heavy cows, 5½d to 6½d; medium, 5d to 5½d; light, 5d to 5½d; scored, sloppy and damaged, 3d to 4d; calfskins, sound, 7d to 8½d; medium, 6d to 6½d; cut and damaged, 3d to 5d.

Wool.—Good, well-grown halfbred, 8½d to 9½d; good, well-grown crossbred, 7½d to 8½d; coarse crossbred, 6d to 7½d; dingy and seedy, 4½d to 6d; bellies and pieces, 4d to 6d; second pieces, 3d to 4d; locks, 1½d to 2d; merino fleece, 7½d to 9½d, bellies and pieces, 6d to 7½d; second pieces 4d to 5d; locks, 2d to 3½d; crutchings, 3½d to 4½d.

Storing Grain.—We are prepared to store, receive, deliver, and insure for some months free storage at 3d per sack.

Farm Produce and Fruit.—We receive all kinds of consignments, and render account sale promptly.

Walnuts.—2d to 6d per lb.

Salt butter, 8d to 9d; separator, 8d to 9½d. Fresh butter (in pats), storekeepers', 7d to 8d; market well supplied.

Eggs.—11½d per dozen.

Cheese.—Factory, 7d; Akaroa, 8d; loaf, 1d more.

Honey.—In good demand. Section honey, new season's, 6s to 8s per doz; bulk, large tins, 5d to 4½d; small tins, 4½d to 4¾d.

Beeswax, 1s 4d, wanted.

Hams, 8d to 9d.

Bacon.—Roll, 8½d; sides, 7d to 8d (slow of sale).
